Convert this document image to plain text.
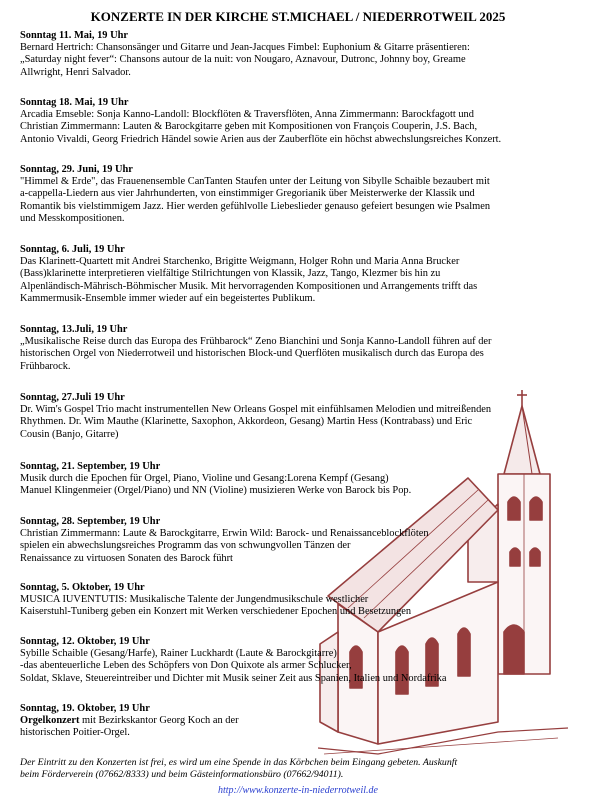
KONZERTE IN DER KIRCHE ST.MICHAEL / NIEDERROTWEIL 2025

Sonntag 11. Mai, 19 Uhr

Bernard Hertrich: Chansonsänger und Gitarre und Jean-Jacques Fimbel: Euphonium & Gitarre präsentieren:

„Saturday night fever“: Chansons autour de la nuit: von Nougaro, Aznavour, Dutronc, Johnny boy, Greame

Allwright, Henri Salvador.

Sonntag 18. Mai, 19 Uhr

Arcadia Emseble: Sonja Kanno-Landoll: Blockflöten & Traversflöten, Anna Zimmermann: Barockfagott und

Christian Zimmermann: Lauten & Barockgitarre geben mit Kompositionen von François Couperin, J.S. Bach,

Antonio Vivaldi, Georg Friedrich Händel sowie Arien aus der Zauberflöte ein höchst abwechslungsreiches Konzert.

Sonntag, 29. Juni, 19 Uhr

"Himmel & Erde", das Frauenensemble CanTanten Staufen unter der Leitung von Sibylle Schaible bezaubert mit

a-cappella-Liedern aus vier Jahrhunderten, von einstimmiger Gregorianik über Meisterwerke der Klassik und

Romantik bis vielstimmigem Jazz. Hier werden gefühlvolle Liebeslieder genauso gefeiert besungen wie Psalmen

und Messkompositionen.

Sonntag, 6. Juli, 19 Uhr

Das Klarinett-Quartett mit Andrei Starchenko, Brigitte Weigmann, Holger Rohn und Maria Anna Brucker

(Bass)klarinette interpretieren vielfältige Stilrichtungen von Klassik, Jazz, Tango, Klezmer bis hin zu

Alpenländisch-Mährisch-Böhmischer Musik. Mit hervorragenden Kompositionen und Arrangements trifft das

Kammermusik-Ensemble immer wieder auf ein begeistertes Publikum.

Sonntag, 13.Juli, 19 Uhr

„Musikalische Reise durch das Europa des Frühbarock“ Zeno Bianchini und Sonja Kanno-Landoll führen auf der

historischen Orgel von Niederrotweil und historischen Block-und Querflöten musikalisch durch das Europa des

Frühbarock.

Sonntag, 27.Juli 19 Uhr

Dr. Wim's Gospel Trio macht instrumentellen New Orleans Gospel mit einfühlsamen Melodien und mitreißenden

Rhythmen. Dr. Wim Mauthe (Klarinette, Saxophon, Akkordeon, Gesang) Martin Hess (Kontrabass) und Eric

Cousin (Banjo, Gitarre)

Sonntag, 21. September, 19 Uhr

Musik durch die Epochen für Orgel, Piano, Violine und Gesang:Lorena Kempf (Gesang)

Manuel Klingenmeier (Orgel/Piano) und NN (Violine) musizieren Werke von Barock bis Pop.

Sonntag, 28. September, 19 Uhr

Christian Zimmermann: Laute & Barockgitarre, Erwin Wild: Barock- und Renaissanceblockflöten

spielen ein abwechslungsreiches Programm das von schwungvollen Tänzen der

Renaissance zu virtuosen Sonaten des Barock führt

Sonntag, 5. Oktober, 19 Uhr

MUSICA IUVENTUTIS: Musikalische Talente der Jungendmusikschule westlicher

Kaiserstuhl-Tuniberg geben ein Konzert mit Werken verschiedener Epochen und Besetzungen

Sonntag, 12. Oktober, 19 Uhr

Sybille Schaible (Gesang/Harfe), Rainer Luckhardt (Laute & Barockgitarre)

-das abenteuerliche Leben des Schöpfers von Don Quixote als armer Schlucker,

Soldat, Sklave, Steuereintreiber und Dichter mit Musik seiner Zeit aus Spanien, Italien und Nordafrika

Sonntag, 19. Oktober, 19 Uhr

Orgelkonzert mit Bezirkskantor Georg Koch an der

historischen Poitier-Orgel.

Der Eintritt zu den Konzerten ist frei, es wird um eine Spende in das Körbchen beim Eingang gebeten. Auskunft
beim Förderverein (07662/8333) und beim Gästeinformationsbüro (07662/94011).
http://www.konzerte-in-niederrotweil.de
